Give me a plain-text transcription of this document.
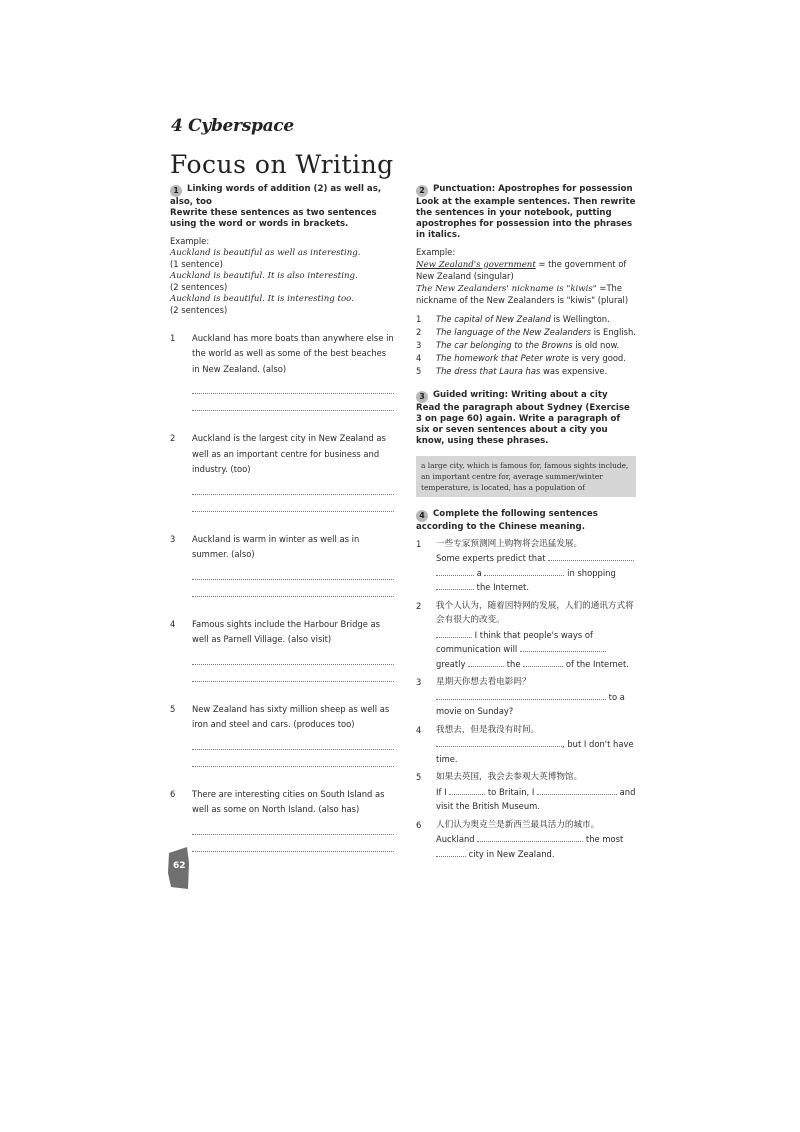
4 Cyberspace
Focus on Writing
1 Linking words of addition (2) as well as, also, too
Rewrite these sentences as two sentences using the word or words in brackets.
Example:
Auckland is beautiful as well as interesting.
(1 sentence)
Auckland is beautiful. It is also interesting.
(2 sentences)
Auckland is beautiful. It is interesting too.
(2 sentences)
1 Auckland has more boats than anywhere else in the world as well as some of the best beaches in New Zealand. (also)
2 Auckland is the largest city in New Zealand as well as an important centre for business and industry. (too)
3 Auckland is warm in winter as well as in summer. (also)
4 Famous sights include the Harbour Bridge as well as Parnell Village. (also visit)
5 New Zealand has sixty million sheep as well as iron and steel and cars. (produces too)
6 There are interesting cities on South Island as well as some on North Island. (also has)
2 Punctuation: Apostrophes for possession
Look at the example sentences. Then rewrite the sentences in your notebook, putting apostrophes for possession into the phrases in italics.
Example:
New Zealand's government = the government of New Zealand (singular)
The New Zealanders' nickname is "kiwis" =The nickname of the New Zealanders is "kiwis" (plural)
1 The capital of New Zealand is Wellington.
2 The language of the New Zealanders is English.
3 The car belonging to the Browns is old now.
4 The homework that Peter wrote is very good.
5 The dress that Laura has was expensive.
3 Guided writing: Writing about a city
Read the paragraph about Sydney (Exercise 3 on page 60) again. Write a paragraph of six or seven sentences about a city you know, using these phrases.
a large city, which is famous for, famous sights include, an important centre for, average summer/winter temperature, is located, has a population of
4 Complete the following sentences according to the Chinese meaning.
1 一些专家预测网上购物将会迅猛发展。
Some experts predict that   a	in shopping  the Internet.
2 我个人认为，随着因特网的发展，人们的通讯方式将会有很大的改变。
I think that people's ways of communication will  greatly	the	of the Internet.
3 星期天你想去看电影吗？
to a movie on Sunday?
4 我想去，但是我没有时间。
, but I don't have time.
5 如果去英国，我会去参观大英博物馆。
If I	to Britain, I	and visit the British Museum.
6 人们认为奥克兰是新西兰最具活力的城市。
Auckland	the most  city in New Zealand.
62
